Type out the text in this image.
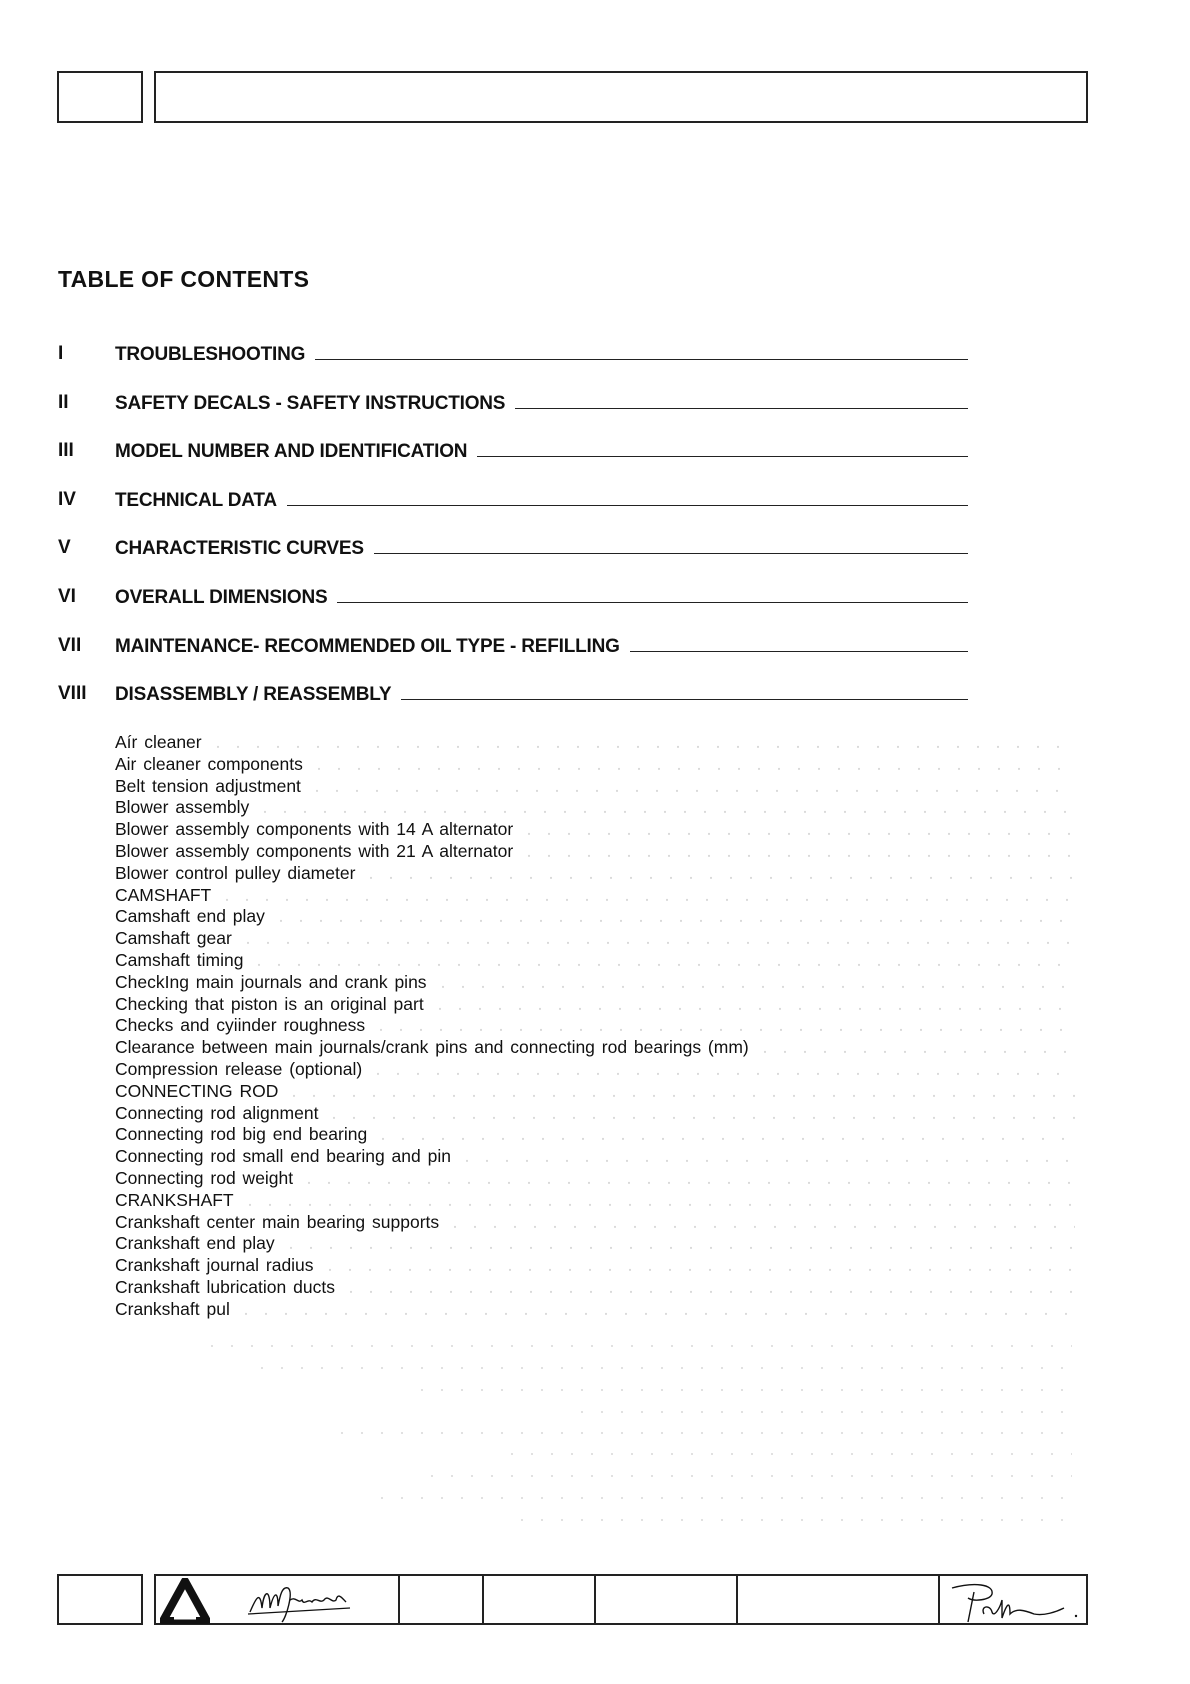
TABLE OF CONTENTS
I	TROUBLESHOOTING
II	SAFETY DECALS - SAFETY INSTRUCTIONS
III	MODEL NUMBER AND IDENTIFICATION
IV	TECHNICAL DATA
V	CHARACTERISTIC CURVES
VI	OVERALL DIMENSIONS
VII	MAINTENANCE- RECOMMENDED OIL TYPE - REFILLING
VIII	DISASSEMBLY / REASSEMBLY
Aír cleaner
Air cleaner components
Belt tension adjustment
Blower assembly
Blower assembly components with 14 A alternator
Blower assembly components with 21 A alternator
Blower control pulley diameter
CAMSHAFT
Camshaft end play
Camshaft gear
Camshaft timing
CheckIng main journals and crank pins
Checking that piston is an original part
Checks and cyiinder roughness
Clearance between main journals/crank pins and connecting rod bearings (mm)
Compression release (optional)
CONNECTING ROD
Connecting rod alignment
Connecting rod big end bearing
Connecting rod small end bearing and pin
Connecting rod weight
CRANKSHAFT
Crankshaft center main bearing supports
Crankshaft end play
Crankshaft journal radius
Crankshaft lubrication ducts
Crankshaft pul
